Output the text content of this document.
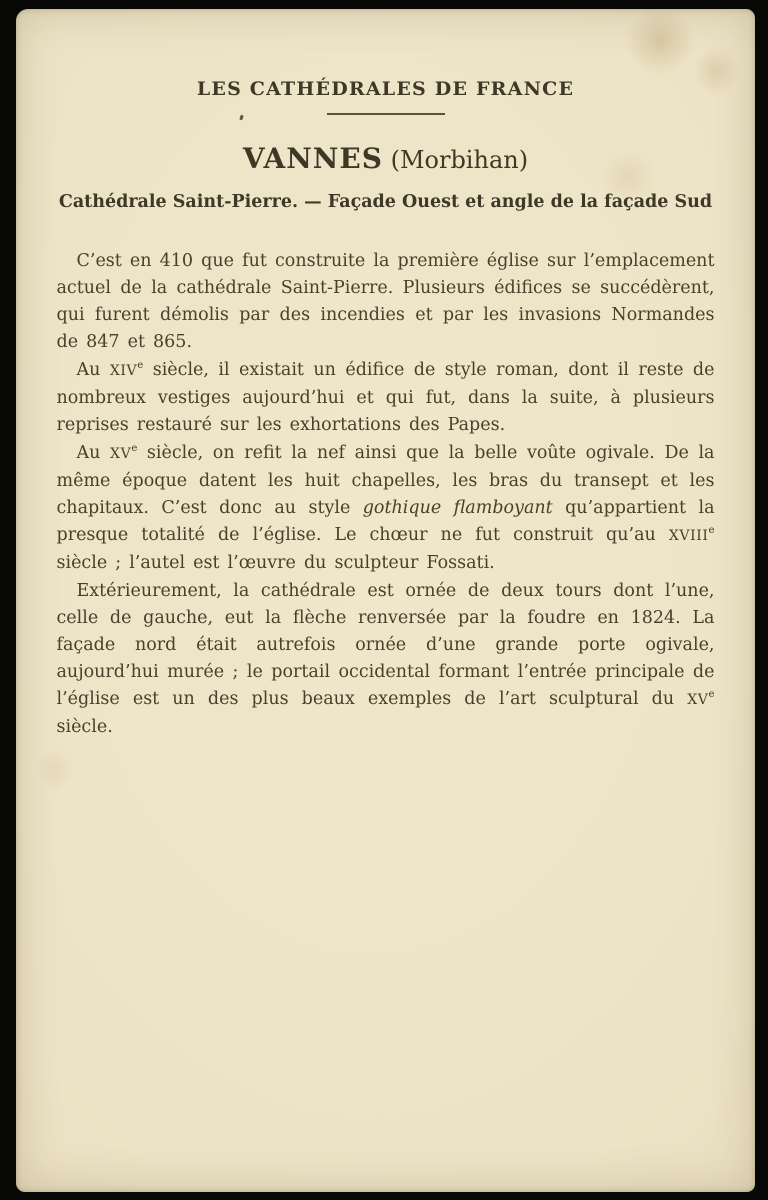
LES CATHÉDRALES DE FRANCE
VANNES (Morbihan)
Cathédrale Saint-Pierre. — Façade Ouest et angle de la façade Sud

C’est en 410 que fut construite la première église sur l’emplacement actuel de la cathédrale Saint-Pierre. Plusieurs édifices se succédèrent, qui furent démolis par des incendies et par les invasions Normandes de 847 et 865.

Au XIVe siècle, il existait un édifice de style roman, dont il reste de nombreux vestiges aujourd’hui et qui fut, dans la suite, à plusieurs reprises restauré sur les exhortations des Papes.

Au XVe siècle, on refit la nef ainsi que la belle voûte ogivale. De la même époque datent les huit chapelles, les bras du transept et les chapitaux. C’est donc au style gothique flamboyant qu’appartient la presque totalité de l’église. Le chœur ne fut construit qu’au XVIIIe siècle ; l’autel est l’œuvre du sculpteur Fossati.

Extérieurement, la cathédrale est ornée de deux tours dont l’une, celle de gauche, eut la flèche renversée par la foudre en 1824. La façade nord était autrefois ornée d’une grande porte ogivale, aujourd’hui murée ; le portail occidental formant l’entrée principale de l’église est un des plus beaux exemples de l’art sculptural du XVe siècle.
